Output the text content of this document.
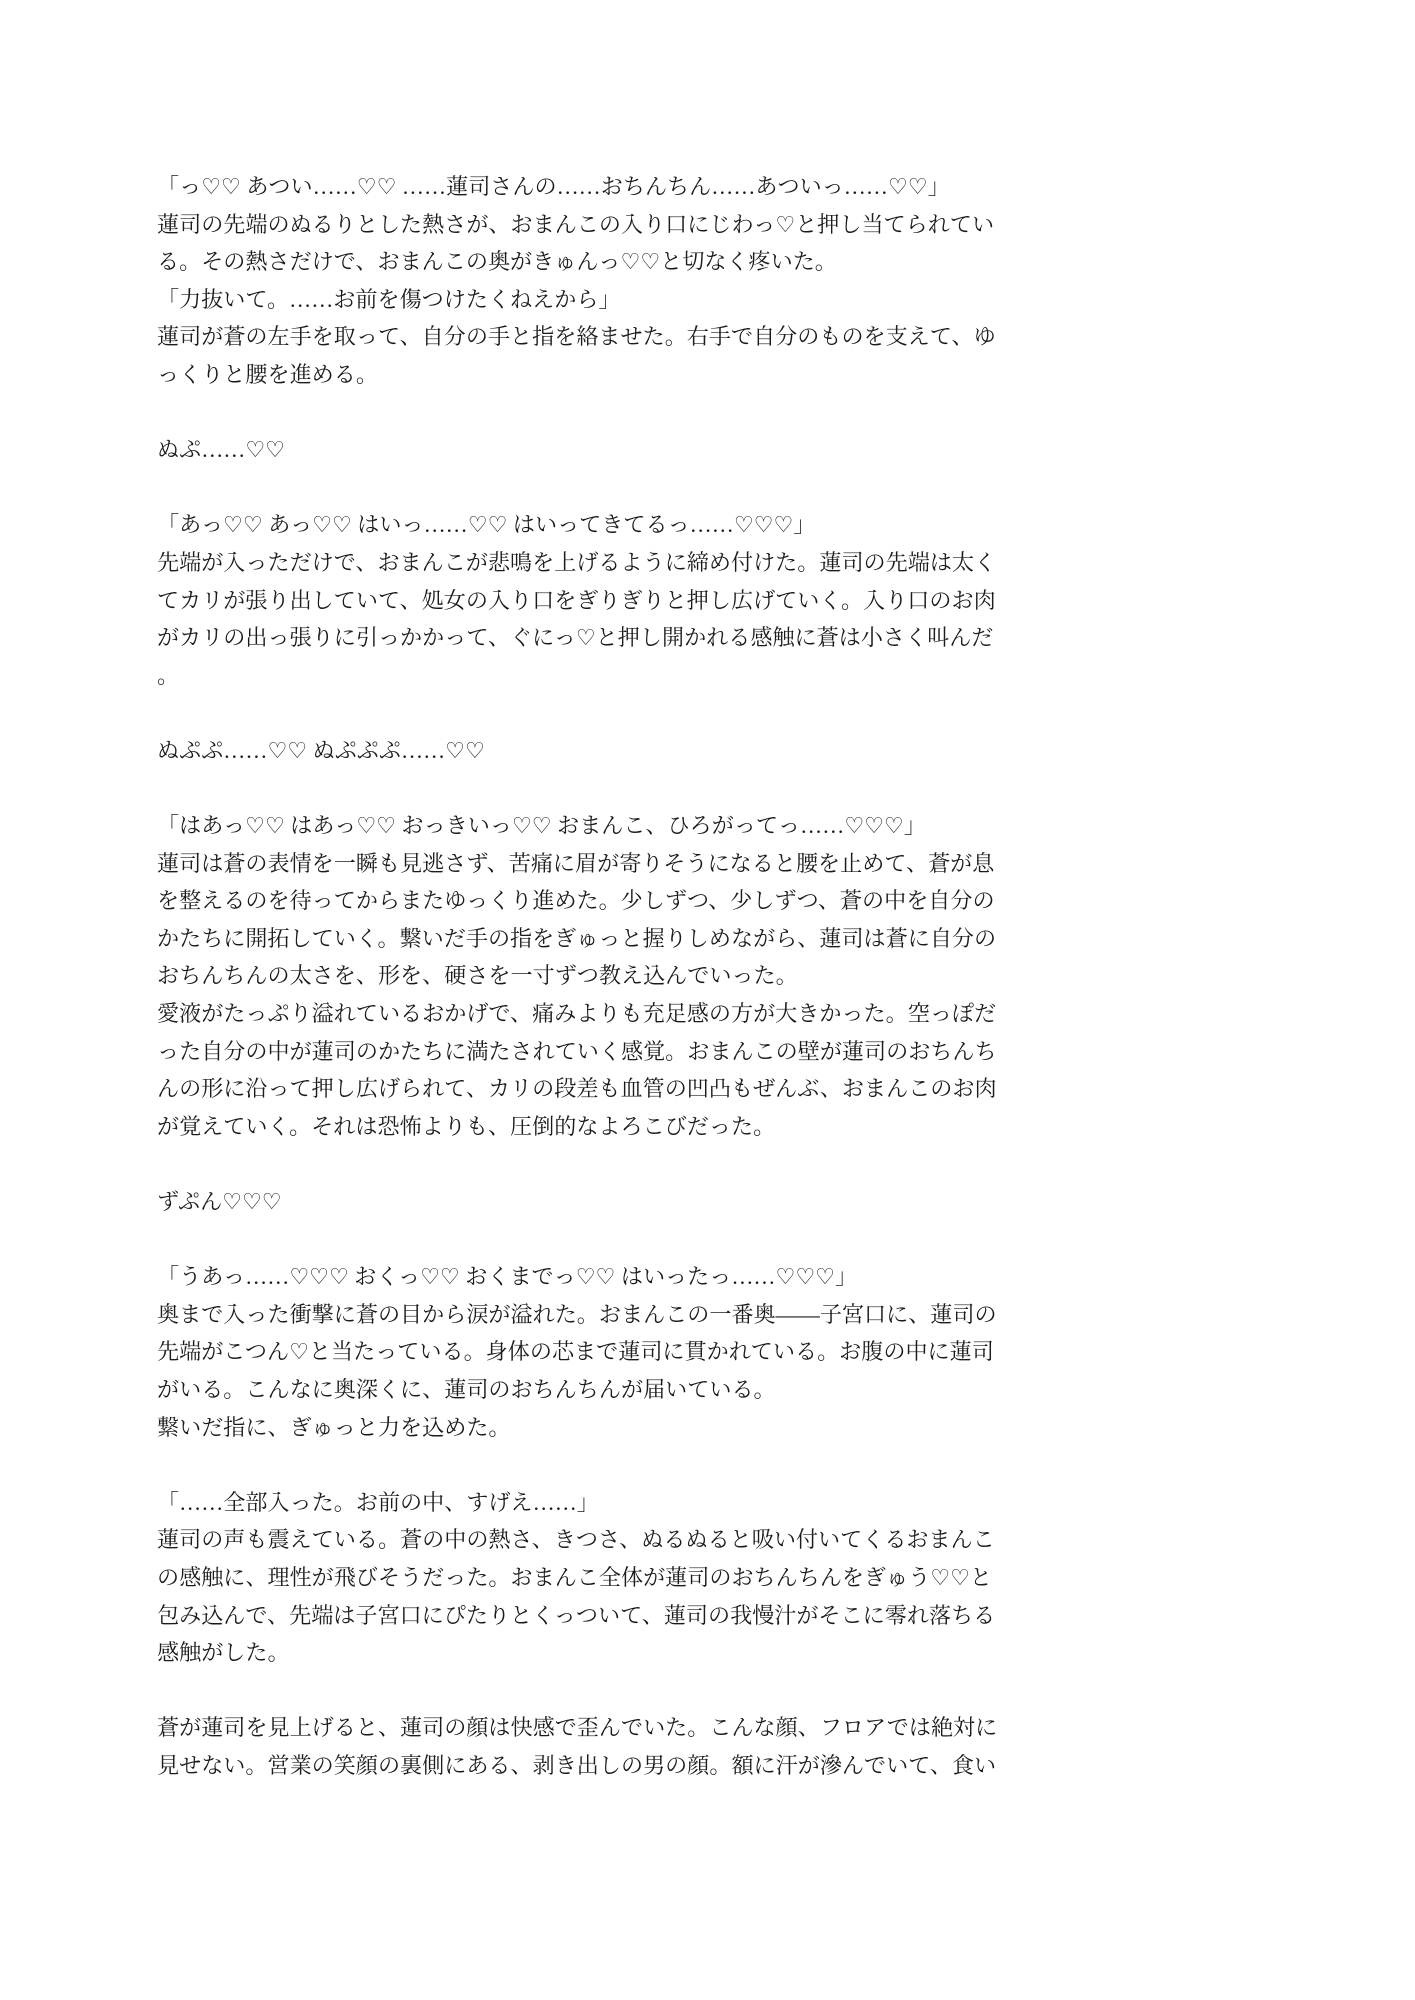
「っ♡♡ あつい……♡♡ ……蓮司さんの……おちんちん……あついっ……♡♡」
蓮司の先端のぬるりとした熱さが、おまんこの入り口にじわっ♡と押し当てられてい
る。その熱さだけで、おまんこの奥がきゅんっ♡♡と切なく疼いた。
「力抜いて。……お前を傷つけたくねえから」
蓮司が蒼の左手を取って、自分の手と指を絡ませた。右手で自分のものを支えて、ゆ
っくりと腰を進める。

ぬぷ……♡♡

「あっ♡♡ あっ♡♡ はいっ……♡♡ はいってきてるっ……♡♡♡」
先端が入っただけで、おまんこが悲鳴を上げるように締め付けた。蓮司の先端は太く
てカリが張り出していて、処女の入り口をぎりぎりと押し広げていく。入り口のお肉
がカリの出っ張りに引っかかって、ぐにっ♡と押し開かれる感触に蒼は小さく叫んだ
。

ぬぷぷ……♡♡ ぬぷぷぷ……♡♡

「はあっ♡♡ はあっ♡♡ おっきいっ♡♡ おまんこ、ひろがってっ……♡♡♡」
蓮司は蒼の表情を一瞬も見逃さず、苦痛に眉が寄りそうになると腰を止めて、蒼が息
を整えるのを待ってからまたゆっくり進めた。少しずつ、少しずつ、蒼の中を自分の
かたちに開拓していく。繋いだ手の指をぎゅっと握りしめながら、蓮司は蒼に自分の
おちんちんの太さを、形を、硬さを一寸ずつ教え込んでいった。
愛液がたっぷり溢れているおかげで、痛みよりも充足感の方が大きかった。空っぽだ
った自分の中が蓮司のかたちに満たされていく感覚。おまんこの壁が蓮司のおちんち
んの形に沿って押し広げられて、カリの段差も血管の凹凸もぜんぶ、おまんこのお肉
が覚えていく。それは恐怖よりも、圧倒的なよろこびだった。

ずぷん♡♡♡

「うあっ……♡♡♡ おくっ♡♡ おくまでっ♡♡ はいったっ……♡♡♡」
奥まで入った衝撃に蒼の目から涙が溢れた。おまんこの一番奥——子宮口に、蓮司の
先端がこつん♡と当たっている。身体の芯まで蓮司に貫かれている。お腹の中に蓮司
がいる。こんなに奥深くに、蓮司のおちんちんが届いている。
繋いだ指に、ぎゅっと力を込めた。

「……全部入った。お前の中、すげえ……」
蓮司の声も震えている。蒼の中の熱さ、きつさ、ぬるぬると吸い付いてくるおまんこ
の感触に、理性が飛びそうだった。おまんこ全体が蓮司のおちんちんをぎゅう♡♡と
包み込んで、先端は子宮口にぴたりとくっついて、蓮司の我慢汁がそこに零れ落ちる
感触がした。

蒼が蓮司を見上げると、蓮司の顔は快感で歪んでいた。こんな顔、フロアでは絶対に
見せない。営業の笑顔の裏側にある、剥き出しの男の顔。額に汗が滲んでいて、食い
